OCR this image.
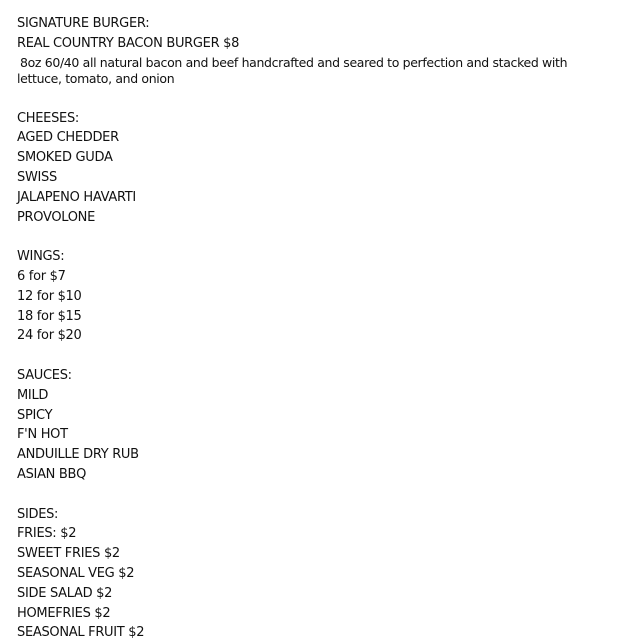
SIGNATURE BURGER:
REAL COUNTRY BACON BURGER $8
8oz 60/40 all natural bacon and beef handcrafted and seared to perfection and stacked with
lettuce, tomato, and onion
CHEESES:
AGED CHEDDER
SMOKED GUDA
SWISS
JALAPENO HAVARTI
PROVOLONE
WINGS:
6 for $7
12 for $10
18 for $15
24 for $20
SAUCES:
MILD
SPICY
F'N HOT
ANDUILLE DRY RUB
ASIAN BBQ
SIDES:
FRIES: $2
SWEET FRIES $2
SEASONAL VEG $2
SIDE SALAD $2
HOMEFRIES $2
SEASONAL FRUIT $2
